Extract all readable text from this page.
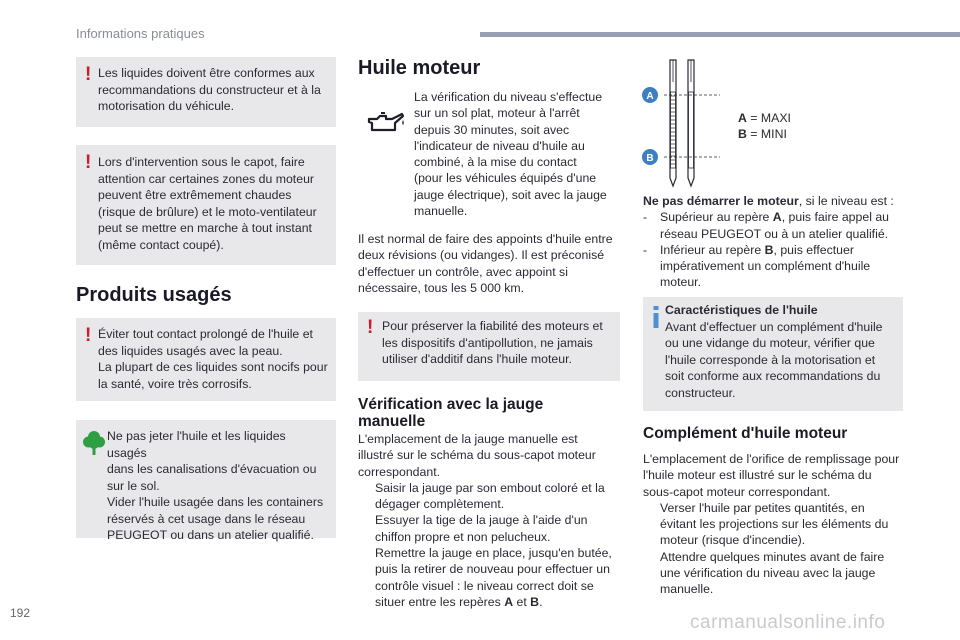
Informations pratiques
! Les liquides doivent être conformes aux

recommandations du constructeur et à la

motorisation du véhicule.

! Lors d'intervention sous le capot, faire

attention car certaines zones du moteur

peuvent être extrêmement chaudes

(risque de brûlure) et le moto-ventilateur

peut se mettre en marche à tout instant

(même contact coupé).

Produits usagés
! Éviter tout contact prolongé de l'huile et

des liquides usagés avec la peau.

La plupart de ces liquides sont nocifs pour

la santé, voire très corrosifs.

Ne pas jeter l'huile et les liquides usagés

dans les canalisations d'évacuation ou

sur le sol.

Vider l'huile usagée dans les containers

réservés à cet usage dans le réseau

PEUGEOT ou dans un atelier qualifié.

Huile moteur

La vérification du niveau s'effectue

sur un sol plat, moteur à l'arrêt

depuis 30 minutes, soit avec

l'indicateur de niveau d'huile au

combiné, à la mise du contact

(pour les véhicules équipés d'une

jauge électrique), soit avec la jauge

manuelle.

Il est normal de faire des appoints d'huile entre

deux révisions (ou vidanges). Il est préconisé

d'effectuer un contrôle, avec appoint si

nécessaire, tous les 5 000 km.

! Pour préserver la fiabilité des moteurs et

les dispositifs d'antipollution, ne jamais

utiliser d'additif dans l'huile moteur.

Vérification avec la jauge
manuelle

L'emplacement de la jauge manuelle est

illustré sur le schéma du sous-capot moteur

correspondant.

Saisir la jauge par son embout coloré et la

dégager complètement.

Essuyer la tige de la jauge à l'aide d'un

chiffon propre et non pelucheux.

Remettre la jauge en place, jusqu'en butée,

puis la retirer de nouveau pour effectuer un

contrôle visuel : le niveau correct doit se

situer entre les repères A et B.

A
B
A = MAXI
B = MINI

Ne pas démarrer le moteur, si le niveau est :

- Supérieur au repère A, puis faire appel au

réseau PEUGEOT ou à un atelier qualifié.

- Inférieur au repère B, puis effectuer

impérativement un complément d'huile

moteur.

Caractéristiques de l'huile

Avant d'effectuer un complément d'huile

ou une vidange du moteur, vérifier que

l'huile corresponde à la motorisation et

soit conforme aux recommandations du

constructeur.

Complément d'huile moteur

L'emplacement de l'orifice de remplissage pour

l'huile moteur est illustré sur le schéma du

sous-capot moteur correspondant.

Verser l'huile par petites quantités, en

évitant les projections sur les éléments du

moteur (risque d'incendie).

Attendre quelques minutes avant de faire

une vérification du niveau avec la jauge

manuelle.

192	carmanualsonline.info
